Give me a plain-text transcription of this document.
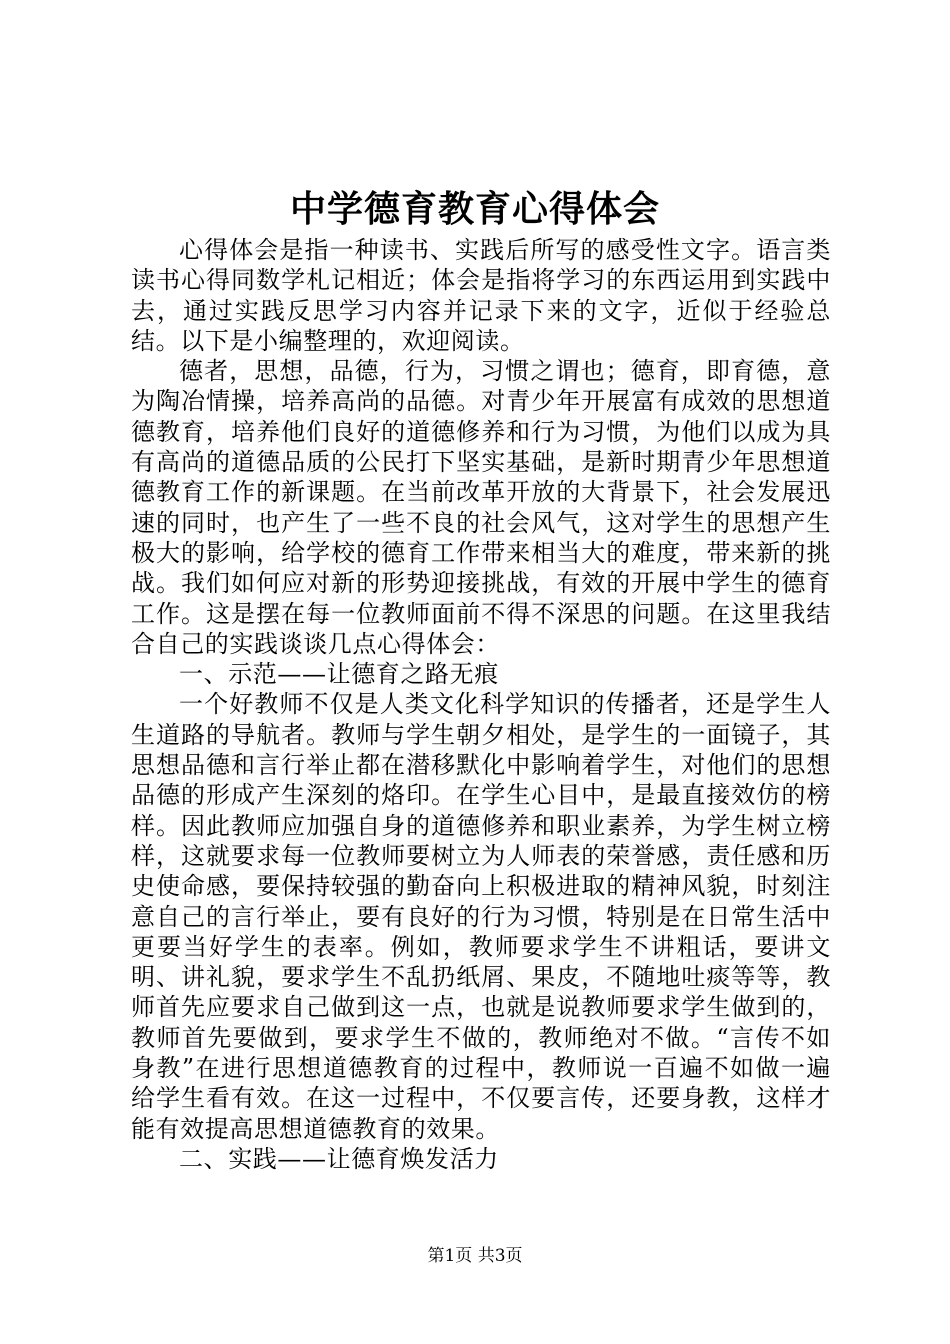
中学德育教育心得体会

心得体会是指一种读书、实践后所写的感受性文字。语言类读书心得同数学札记相近；体会是指将学习的东西运用到实践中去，通过实践反思学习内容并记录下来的文字，近似于经验总结。以下是小编整理的，欢迎阅读。

德者，思想，品德，行为，习惯之谓也；德育，即育德，意为陶冶情操，培养高尚的品德。对青少年开展富有成效的思想道德教育，培养他们良好的道德修养和行为习惯，为他们以成为具有高尚的道德品质的公民打下坚实基础，是新时期青少年思想道德教育工作的新课题。在当前改革开放的大背景下，社会发展迅速的同时，也产生了一些不良的社会风气，这对学生的思想产生极大的影响，给学校的德育工作带来相当大的难度，带来新的挑战。我们如何应对新的形势迎接挑战，有效的开展中学生的德育工作。这是摆在每一位教师面前不得不深思的问题。在这里我结合自己的实践谈谈几点心得体会：

一、示范——让德育之路无痕

一个好教师不仅是人类文化科学知识的传播者，还是学生人生道路的导航者。教师与学生朝夕相处，是学生的一面镜子，其思想品德和言行举止都在潜移默化中影响着学生，对他们的思想品德的形成产生深刻的烙印。在学生心目中，是最直接效仿的榜样。因此教师应加强自身的道德修养和职业素养，为学生树立榜样，这就要求每一位教师要树立为人师表的荣誉感，责任感和历史使命感，要保持较强的勤奋向上积极进取的精神风貌，时刻注意自己的言行举止，要有良好的行为习惯，特别是在日常生活中更要当好学生的表率。例如，教师要求学生不讲粗话，要讲文明、讲礼貌，要求学生不乱扔纸屑、果皮，不随地吐痰等等，教师首先应要求自己做到这一点，也就是说教师要求学生做到的，教师首先要做到，要求学生不做的，教师绝对不做。“言传不如身教”在进行思想道德教育的过程中，教师说一百遍不如做一遍给学生看有效。在这一过程中，不仅要言传，还要身教，这样才能有效提高思想道德教育的效果。

二、实践——让德育焕发活力

第1页 共3页
